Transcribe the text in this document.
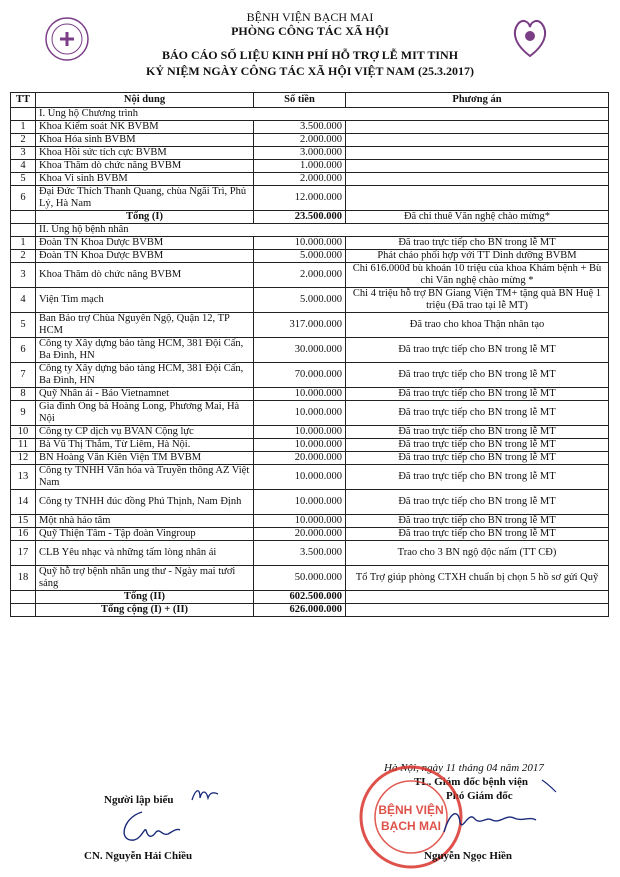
BỆNH VIỆN BẠCH MAI
PHÒNG CÔNG TÁC XÃ HỘI
BÁO CÁO SỐ LIỆU KINH PHÍ HỖ TRỢ LỄ MIT TINH
KỶ NIỆM NGÀY CÔNG TÁC XÃ HỘI VIỆT NAM (25.3.2017)
TT	Nội dung	Số tiền	Phương án
	I. Ủng hộ Chương trình		
1	Khoa Kiểm soát NK BVBM	3.500.000	
2	Khoa Hóa sinh BVBM	2.000.000	
3	Khoa Hồi sức tích cực BVBM	3.000.000	
4	Khoa Thăm dò chức năng BVBM	1.000.000	
5	Khoa Vi sinh BVBM	2.000.000	
6	Đại Đức Thích Thanh Quang, chùa Ngãi Trì, Phủ Lý, Hà Nam	12.000.000	
	Tổng (I)	23.500.000	Đã chi thuê Văn nghệ chào mừng*
	II. Ủng hộ bệnh nhân		
1	Đoàn TN Khoa Dược BVBM	10.000.000	Đã trao trực tiếp cho BN trong lễ MT
2	Đoàn TN Khoa Dược BVBM	5.000.000	Phát cháo phối hợp với TT Dinh dưỡng BVBM
3	Khoa Thăm dò chức năng BVBM	2.000.000	Chi 616.000đ bù khoản 10 triệu của khoa Khám bệnh + Bù chi Văn nghệ chào mừng *
4	Viện Tim mạch	5.000.000	Chi 4 triệu hỗ trợ BN Giang Viện TM+ tặng quà BN Huệ 1 triệu (Đã trao tại lễ MT)
5	Ban Bảo trợ Chùa Nguyên Ngộ, Quận 12, TP HCM	317.000.000	Đã trao cho khoa Thận nhân tạo
6	Công ty Xây dựng bảo tàng HCM, 381 Đội Cấn, Ba Đình, HN	30.000.000	Đã trao trực tiếp cho BN trong lễ MT
7	Công ty Xây dựng bảo tàng HCM, 381 Đội Cấn, Ba Đình, HN	70.000.000	Đã trao trực tiếp cho BN trong lễ MT
8	Quỹ Nhân ái - Báo Vietnamnet	10.000.000	Đã trao trực tiếp cho BN trong lễ MT
9	Gia đình Ông bà Hoàng Long, Phương Mai, Hà Nội	10.000.000	Đã trao trực tiếp cho BN trong lễ MT
10	Công ty CP dịch vụ BVAN Cộng lực	10.000.000	Đã trao trực tiếp cho BN trong lễ MT
11	Bà Vũ Thị Thắm, Từ Liêm, Hà Nội.	10.000.000	Đã trao trực tiếp cho BN trong lễ MT
12	BN Hoàng Văn Kiên Viện TM BVBM	20.000.000	Đã trao trực tiếp cho BN trong lễ MT
13	Công ty TNHH Văn hóa và Truyền thông AZ Việt Nam	10.000.000	Đã trao trực tiếp cho BN trong lễ MT
14	Công ty TNHH đúc đồng Phú Thịnh, Nam Định	10.000.000	Đã trao trực tiếp cho BN trong lễ MT
15	Một nhà hảo tâm	10.000.000	Đã trao trực tiếp cho BN trong lễ MT
16	Quỹ Thiện Tâm - Tập đoàn Vingroup	20.000.000	Đã trao trực tiếp cho BN trong lễ MT
17	CLB Yêu nhạc và những tấm lòng nhân ái	3.500.000	Trao cho 3 BN ngộ độc nấm (TT CĐ)
18	Quỹ hỗ trợ bệnh nhân ung thư - Ngày mai tươi sáng	50.000.000	Tổ Trợ giúp phòng CTXH chuẩn bị chọn 5 hồ sơ gửi Quỹ
	Tổng (II)	602.500.000	
	Tổng cộng (I) + (II)	626.000.000	
Hà Nội, ngày 11 tháng 04 năm 2017
TL. Giám đốc bệnh viện
Phó Giám đốc
Người lập biểu
BỆNH VIỆN
BẠCH MAI
CN. Nguyễn Hải Chiều	Nguyễn Ngọc Hiền
